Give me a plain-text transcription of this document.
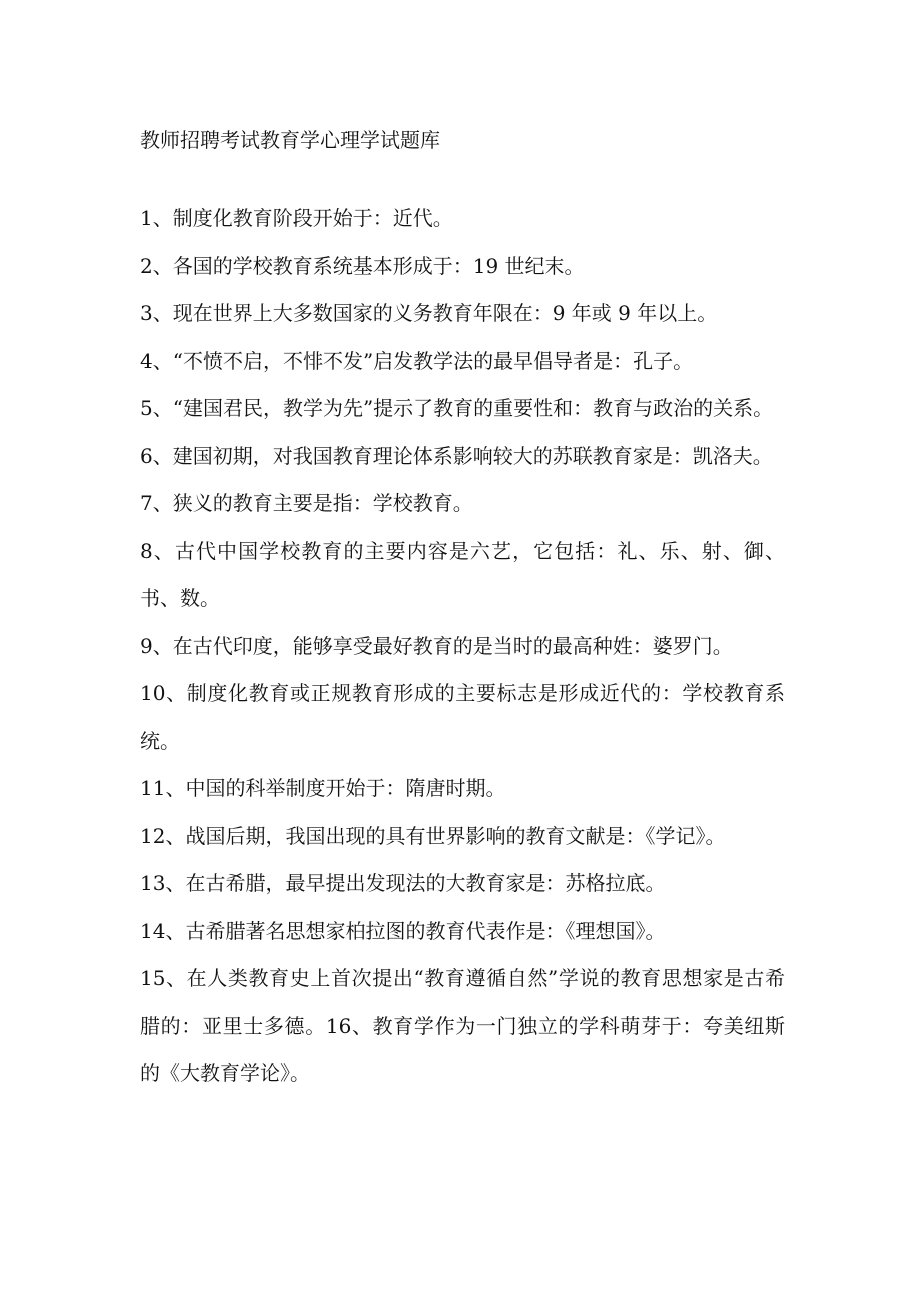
教师招聘考试教育学心理学试题库

1、制度化教育阶段开始于：近代。

2、各国的学校教育系统基本形成于：19 世纪末。

3、现在世界上大多数国家的义务教育年限在：9 年或 9 年以上。

4、“不愤不启，不悱不发”启发教学法的最早倡导者是：孔子。

5、“建国君民，教学为先”提示了教育的重要性和：教育与政治的关系。

6、建国初期，对我国教育理论体系影响较大的苏联教育家是：凯洛夫。

7、狭义的教育主要是指：学校教育。

8、古代中国学校教育的主要内容是六艺，它包括：礼、乐、射、御、书、数。

9、在古代印度，能够享受最好教育的是当时的最高种姓：婆罗门。

10、制度化教育或正规教育形成的主要标志是形成近代的：学校教育系统。

11、中国的科举制度开始于：隋唐时期。

12、战国后期，我国出现的具有世界影响的教育文献是：《学记》。

13、在古希腊，最早提出发现法的大教育家是：苏格拉底。

14、古希腊著名思想家柏拉图的教育代表作是：《理想国》。

15、在人类教育史上首次提出“教育遵循自然”学说的教育思想家是古希腊的：亚里士多德。16、教育学作为一门独立的学科萌芽于：夸美纽斯的《大教育学论》。
